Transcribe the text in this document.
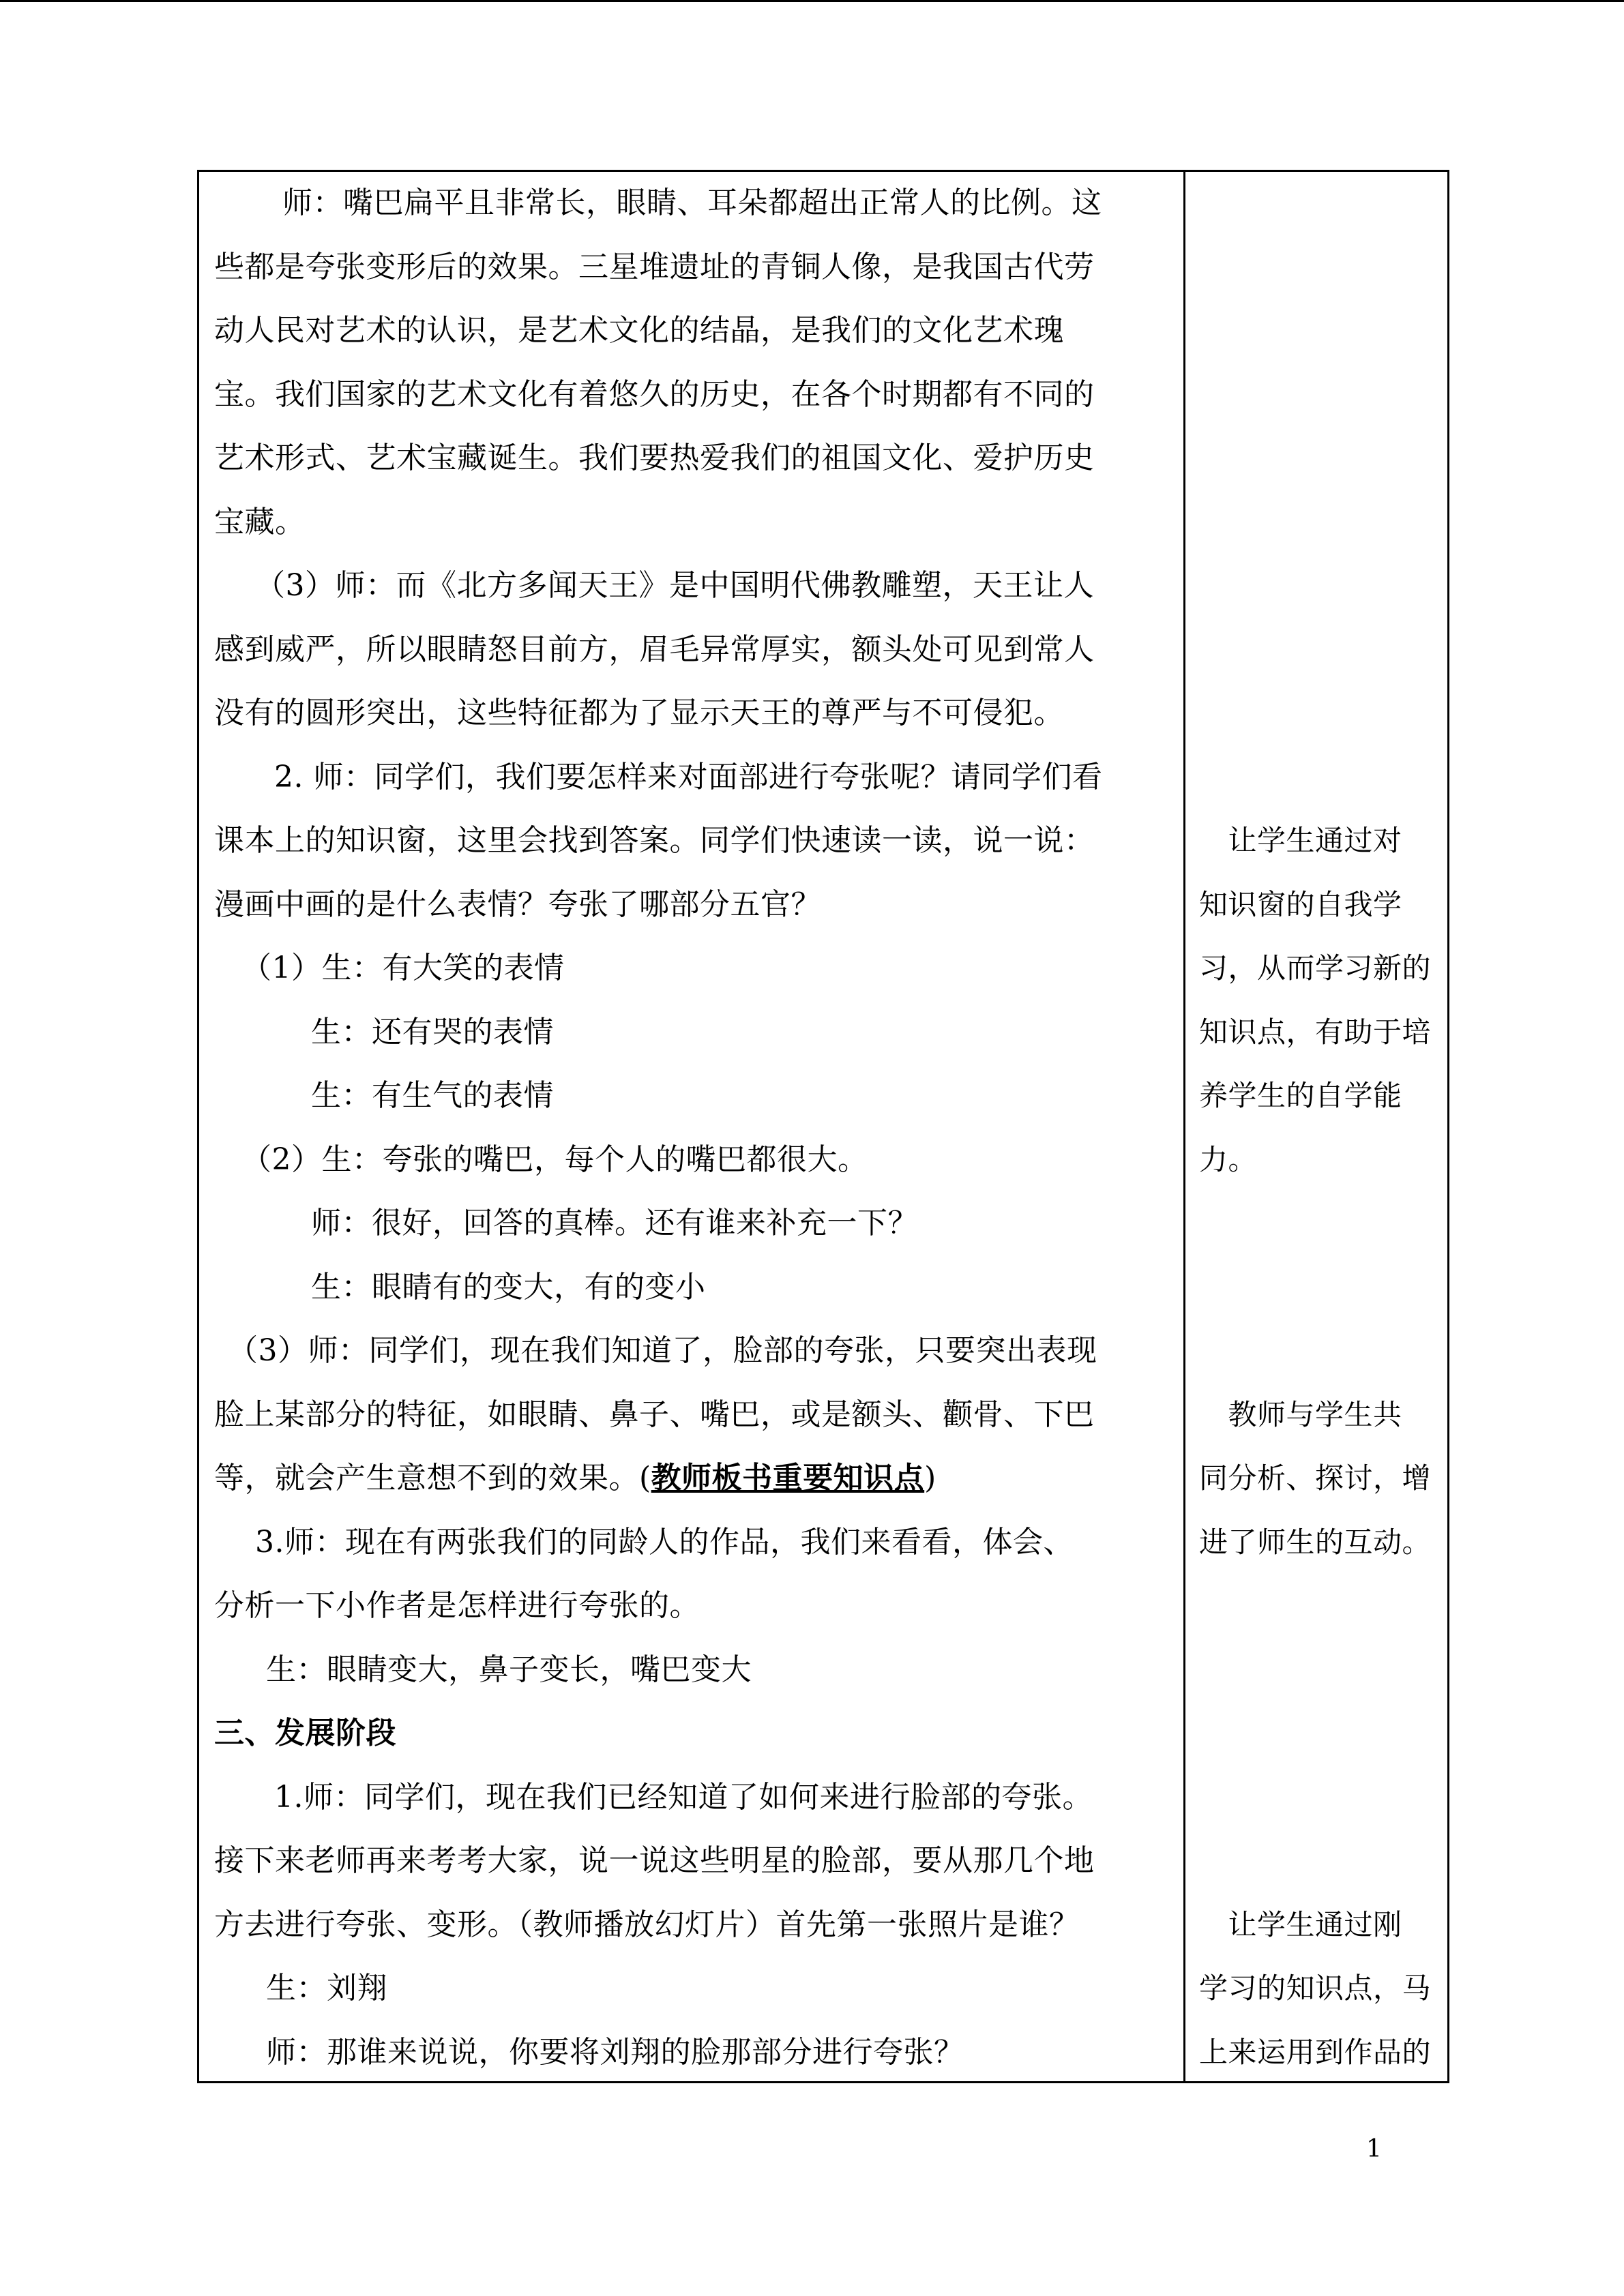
师：嘴巴扁平且非常长，眼睛、耳朵都超出正常人的比例。这
些都是夸张变形后的效果。三星堆遗址的青铜人像，是我国古代劳
动人民对艺术的认识，是艺术文化的结晶，是我们的文化艺术瑰
宝。我们国家的艺术文化有着悠久的历史，在各个时期都有不同的
艺术形式、艺术宝藏诞生。我们要热爱我们的祖国文化、爱护历史
宝藏。
（3）师：而《北方多闻天王》是中国明代佛教雕塑，天王让人
感到威严，所以眼睛怒目前方，眉毛异常厚实，额头处可见到常人
没有的圆形突出，这些特征都为了显示天王的尊严与不可侵犯。
2. 师：同学们，我们要怎样来对面部进行夸张呢？请同学们看
课本上的知识窗，这里会找到答案。同学们快速读一读，说一说：
漫画中画的是什么表情？夸张了哪部分五官？
（1）生：有大笑的表情
生：还有哭的表情
生：有生气的表情
（2）生：夸张的嘴巴，每个人的嘴巴都很大。
师：很好，回答的真棒。还有谁来补充一下？
生：眼睛有的变大，有的变小
（3）师：同学们，现在我们知道了，脸部的夸张，只要突出表现
脸上某部分的特征，如眼睛、鼻子、嘴巴，或是额头、颧骨、下巴
等，就会产生意想不到的效果。(教师板书重要知识点)
3.师：现在有两张我们的同龄人的作品，我们来看看，体会、
分析一下小作者是怎样进行夸张的。
生：眼睛变大，鼻子变长，嘴巴变大
三、发展阶段
1.师：同学们，现在我们已经知道了如何来进行脸部的夸张。
接下来老师再来考考大家，说一说这些明星的脸部，要从那几个地
方去进行夸张、变形。（教师播放幻灯片）首先第一张照片是谁？
生：刘翔
师：那谁来说说，你要将刘翔的脸那部分进行夸张？
　让学生通过对
知识窗的自我学
习，从而学习新的
知识点，有助于培
养学生的自学能
力。
　教师与学生共
同分析、探讨，增
进了师生的互动。
　让学生通过刚
学习的知识点，马
上来运用到作品的
1
